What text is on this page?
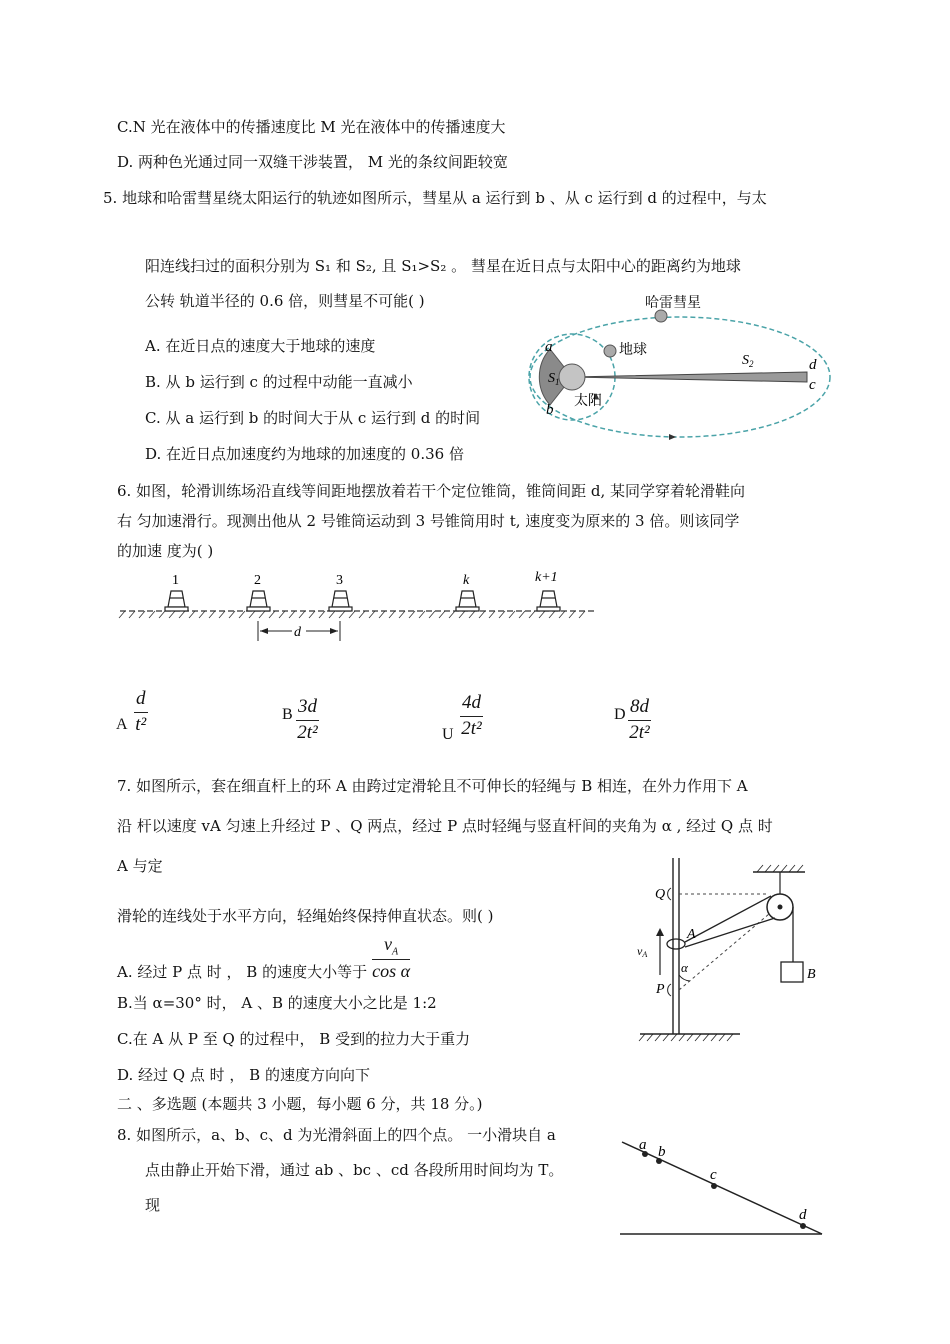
C.N 光在液体中的传播速度比 M 光在液体中的传播速度大
D. 两种色光通过同一双缝干涉装置， M 光的条纹间距较宽
5. 地球和哈雷彗星绕太阳运行的轨迹如图所示，彗星从 a 运行到 b 、从 c 运行到 d 的过程中，与太
阳连线扫过的面积分别为 S₁ 和 S₂, 且 S₁>S₂ 。 彗星在近日点与太阳中心的距离约为地球
公转 轨道半径的 0.6 倍，则彗星不可能( )
A. 在近日点的速度大于地球的速度
B. 从 b 运行到 c 的过程中动能一直减小
C. 从 a 运行到 b 的时间大于从 c 运行到 d 的时间
D. 在近日点加速度约为地球的加速度的 0.36 倍
哈雷彗星
地球
太阳
a
b
d
c
$S_1$
$S_2$
6. 如图，轮滑训练场沿直线等间距地摆放着若干个定位锥筒，锥筒间距 d, 某同学穿着轮滑鞋向
右 匀加速滑行。现测出他从 2 号锥筒运动到 3 号锥筒用时 t, 速度变为原来的 3 倍。则该同学
的加速 度为( )
1	2	3	k	k+1
d
A $\frac{d}{\text{t²}}$	B $\frac{3d}{\text{2t²}}$	U $\frac{4d}{\text{2t²}}$	D $\frac{8d}{\text{2t²}}$
7. 如图所示，套在细直杆上的环 A 由跨过定滑轮且不可伸长的轻绳与 B 相连，在外力作用下 A
沿 杆以速度 vA 匀速上升经过 P 、Q 两点，经过 P 点时轻绳与竖直杆间的夹角为 α , 经过 Q 点 时
A 与定
滑轮的连线处于水平方向，轻绳始终保持伸直状态。则( )
A. 经过 P 点 时 ， B 的速度大小等于 $\frac{v_A}{\text{cos α}}$
B.当 α=30° 时， A 、B 的速度大小之比是 1:2
C.在 A 从 P 至 Q 的过程中， B 受到的拉力大于重力
D. 经过 Q 点 时 ， B 的速度方向向下
Q
P
A
B
vA
α
二 、多选题 (本题共 3 小题，每小题 6 分，共 18 分。)
8. 如图所示，a、b、c、d 为光滑斜面上的四个点。 一小滑块自 a
点由静止开始下滑，通过 ab 、bc 、cd 各段所用时间均为 T。
现
a b
c
d
